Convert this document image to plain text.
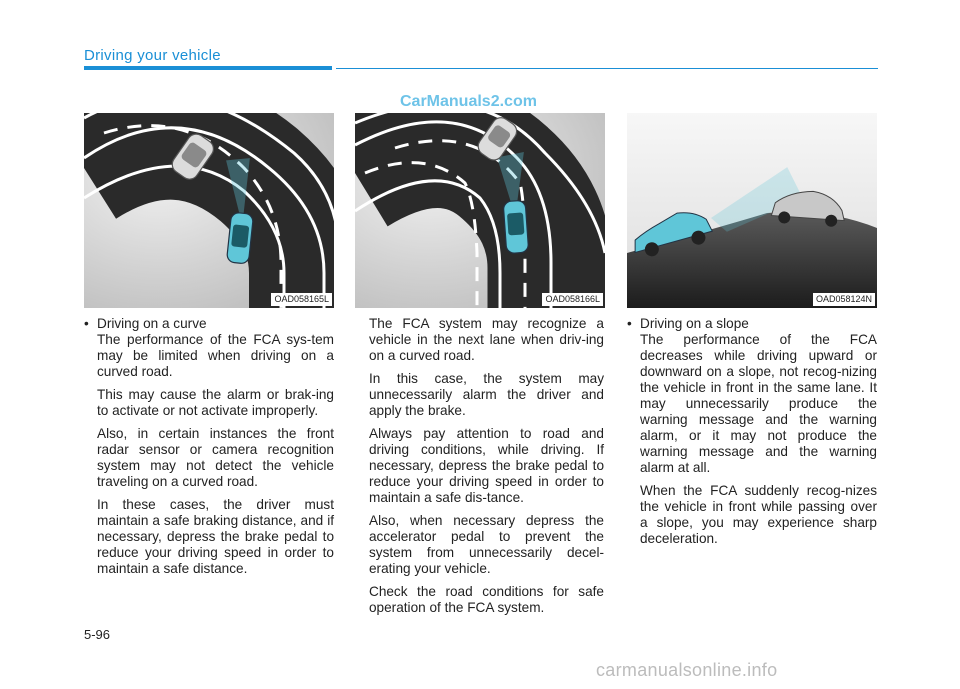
Driving your vehicle
CarManuals2.com
OAD058165L	OAD058166L	OAD058124N
• Driving on a curve

The performance of the FCA sys-tem may be limited when driving on a curved road.

This may cause the alarm or brak-ing to activate or not activate improperly.

Also, in certain instances the front radar sensor or camera recognition system may not detect the vehicle traveling on a curved road.

In these cases, the driver must maintain a safe braking distance, and if necessary, depress the brake pedal to reduce your driving speed in order to maintain a safe distance.

The FCA system may recognize a vehicle in the next lane when driv-ing on a curved road.

In this case, the system may unnecessarily alarm the driver and apply the brake.

Always pay attention to road and driving conditions, while driving. If necessary, depress the brake pedal to reduce your driving speed in order to maintain a safe dis-tance.

Also, when necessary depress the accelerator pedal to prevent the system from unnecessarily decel-erating your vehicle.

Check the road conditions for safe operation of the FCA system.

• Driving on a slope

The performance of the FCA decreases while driving upward or downward on a slope, not recog-nizing the vehicle in front in the same lane. It may unnecessarily produce the warning message and the warning alarm, or it may not produce the warning message and the warning alarm at all.

When the FCA suddenly recog-nizes the vehicle in front while passing over a slope, you may experience sharp deceleration.

5-96
carmanualsonline.info
